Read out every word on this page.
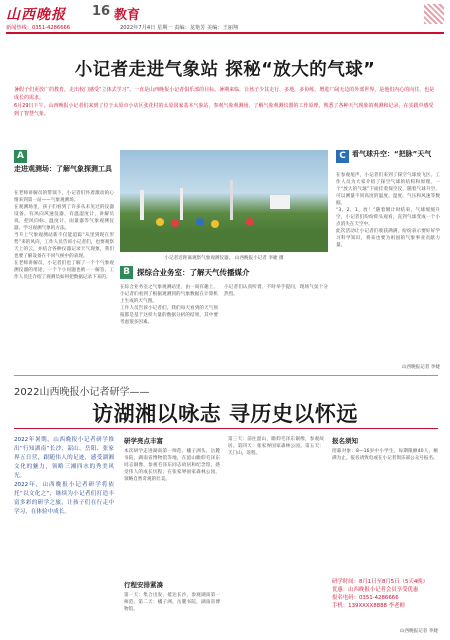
山西晚报 16 教育
新闻热线：0351-4286666	2022年7月4日 星期一 责编：龙艳芳 美编：王丽翔
小记者走进气象站 探秘“放大的气球”
暑假子们更放广的教育，走出校门感受“立体式学习”。一直是山西晚报小记者俱乐部的目标。暑期来临，让孩子少其走行、多地，多协练，增进广阔无边的外部世界，是他们内心的向往，也是成长的需求。
6月29日下午，山西晚报小记者们来到了位于太原市小店区张花村的太原国家基本气象站，参观气象观测场，了解气象观测仪器的工作原理，熟悉了各种天气现象的观测和记录，在实践中感受到了智慧气象。
A
走进观测场：了解气象探测工具
在老师讲解员的带领下，小记者们怀着激动的心情来到第一站——气象观测场。
在观测场里，孩子们看到了许多从未见过的仪器设备。有风向风速仪器，有温湿度计，讲解员说，把风向标、温度计、雨量器等气象观测仪器，学习观测气象的方法。
当升上气象观测站新不仅能追踪“从里到现在形势”来的风向，工作人员告诉小记者们，也要观察天上的云，并结合各种仪器记录天气现象，我们也要了解设备在不同气候中的表现。
在老师讲解员，小记者们也了解了一个个气象观测仪器的用途，一个个小问题也被一一解答，工作人员还介绍了观测员如何把数据记录下来的。
小记者近距离观察气象观测仪器。 山西晚报小记者 李婕 摄
B 探综合业务室：了解天气传播媒介
在综合业务室之气象观测站里，由一间有趣上，小记者们看到了根据观测到的气象数据在计算机上生成的天气图。
工作人员告诉小记者们，我们每天看到的天气预报都是基于这样大量的数据分析的结果，其中要考虑很多因素。
小记者们认真听着，不时举手提问，现场气氛十分热烈。
C 看气球升空：“把脉”天气
在参观尾声，小记者们来到了探空气球放飞区。工作人员为大家介绍了探空气球的结构和原理，一个“放大的气球”下面挂着探空仪，随着气球升空，可以测量不同高度的温度、湿度、气压和风速等数据。
“3、2、1，放！”随着倒计时结束，气球缓缓升空，小记者们纷纷仰头观看，直到气球变成一个小点消失在天空中。
此次活动让小记者们收获满满，纷纷表示要好好学习科学知识，将来也要为祖国的气象事业贡献力量。
山西晚报记者 李婕
2022山西晚报小记者研学——
访湖湘以咏志 寻历史以怀远
2022年暑期，山西晚报小记者研学推出“行知湖南”长沙、韶山、岳阳、张家界五日营，跟随伟人的足迹，感受湖湘文化的魅力，领略三湘四水的秀美风光。
2022年，山西晚报小记者研学将依托“以文化之”，继续为小记者们打造丰富多彩的研学之旅，让孩子们在行走中学习，在体验中成长。
研学亮点丰富
本次研学走进湖南第一师范、橘子洲头、岳麓书院、湖南省博物馆等地，在韶山瞻仰毛泽东同志铜像，参观毛泽东同志故居和纪念馆，感受伟人的成长历程；在张家界国家森林公园，领略自然奇观的壮美。
行程安排紧凑
第一天：集合出发，抵达长沙，参观湖南第一师范。第二天：橘子洲、岳麓书院、湖南省博物馆。
第三天：前往韶山，瞻仰毛泽东铜像，参观故居。第四天：张家界国家森林公园。第五天：天门山，返程。
报名须知
招募对象：8—16岁中小学生。每期限额40人，额满为止。报名请致电或在小记者俱乐部公众号报名。
研学时间：8月1日至8月5日（5天4晚）
优惠：山西晚报小记者会员享受优惠
报名电码：0351-4286666
手机：139XXXX8888 李老师
山西晚报记者 李婕
